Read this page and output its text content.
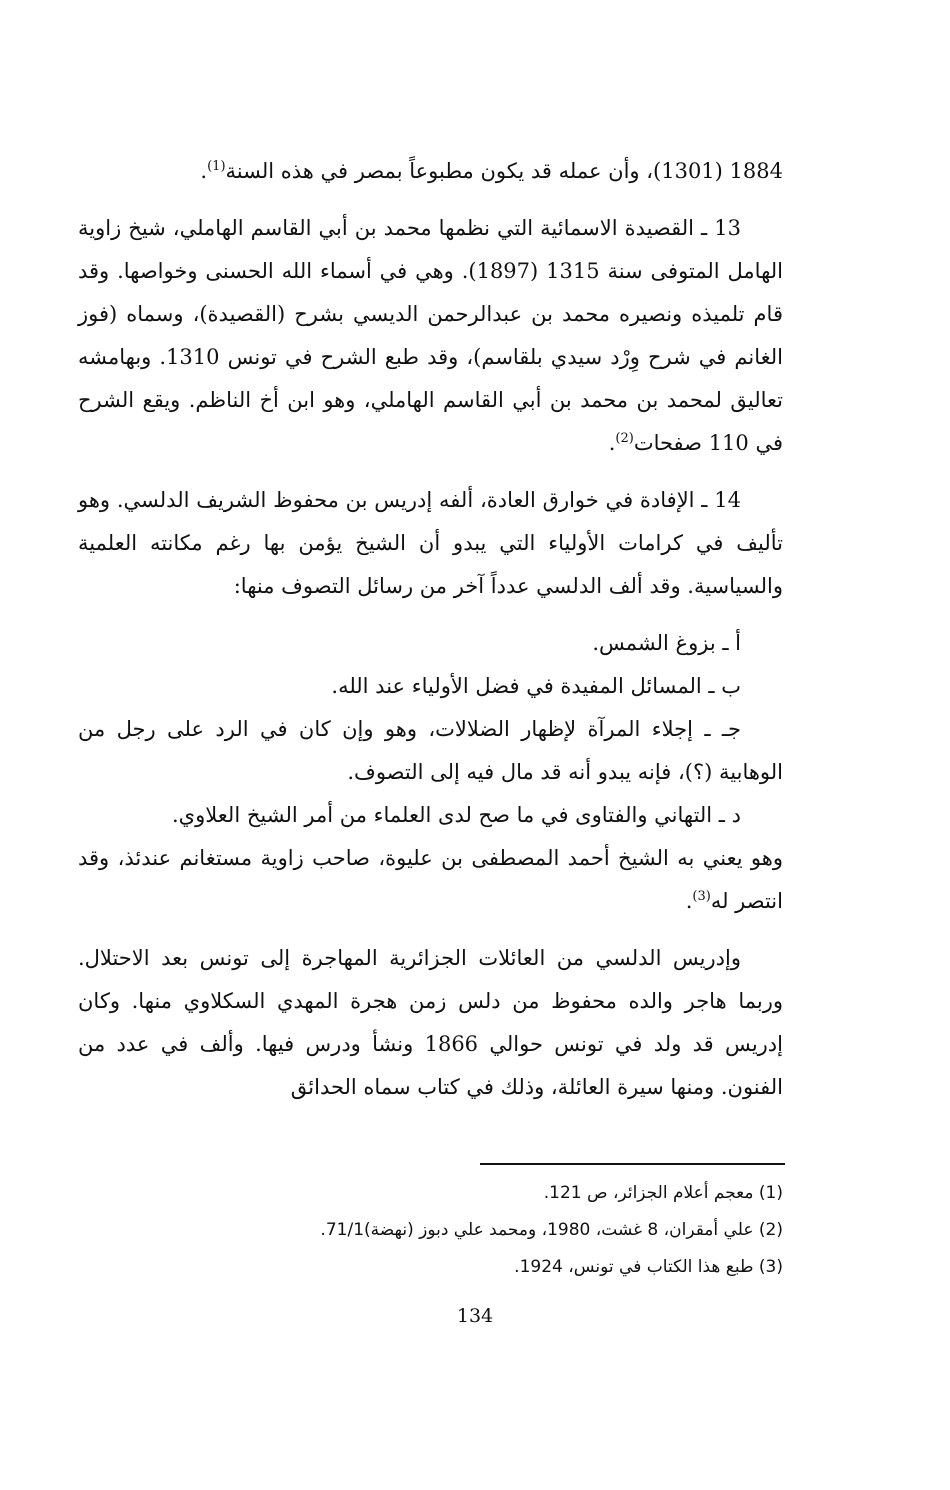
1884 (1301)، وأن عمله قد يكون مطبوعاً بمصر في هذه السنة$^{(1)}$.

13 ـ القصيدة الاسمائية التي نظمها محمد بن أبي القاسم الهاملي، شيخ زاوية الهامل المتوفى سنة 1315 (1897). وهي في أسماء الله الحسنى وخواصها. وقد قام تلميذه ونصيره محمد بن عبدالرحمن الديسي بشرح (القصيدة)، وسماه (فوز الغانم في شرح وِرْد سيدي بلقاسم)، وقد طبع الشرح في تونس 1310. وبهامشه تعاليق لمحمد بن محمد بن أبي القاسم الهاملي، وهو ابن أخ الناظم. ويقع الشرح في 110 صفحات$^{(2)}$.

14 ـ الإفادة في خوارق العادة، ألفه إدريس بن محفوظ الشريف الدلسي. وهو تأليف في كرامات الأولياء التي يبدو أن الشيخ يؤمن بها رغم مكانته العلمية والسياسية. وقد ألف الدلسي عدداً آخر من رسائل التصوف منها:

أ ـ بزوغ الشمس.

ب ـ المسائل المفيدة في فضل الأولياء عند الله.

جـ ـ إجلاء المرآة لإظهار الضلالات، وهو وإن كان في الرد على رجل من الوهابية (؟)، فإنه يبدو أنه قد مال فيه إلى التصوف.

د ـ التهاني والفتاوى في ما صح لدى العلماء من أمر الشيخ العلاوي.

وهو يعني به الشيخ أحمد المصطفى بن عليوة، صاحب زاوية مستغانم عندئذ، وقد انتصر له$^{(3)}$.

وإدريس الدلسي من العائلات الجزائرية المهاجرة إلى تونس بعد الاحتلال. وربما هاجر والده محفوظ من دلس زمن هجرة المهدي السكلاوي منها. وكان إدريس قد ولد في تونس حوالي 1866 ونشأ ودرس فيها. وألف في عدد من الفنون. ومنها سيرة العائلة، وذلك في كتاب سماه الحدائق

(1) معجم أعلام الجزائر، ص 121.

(2) علي أمقران، 8 غشت، 1980، ومحمد علي دبوز (نهضة)71/1.

(3) طبع هذا الكتاب في تونس، 1924.

134
